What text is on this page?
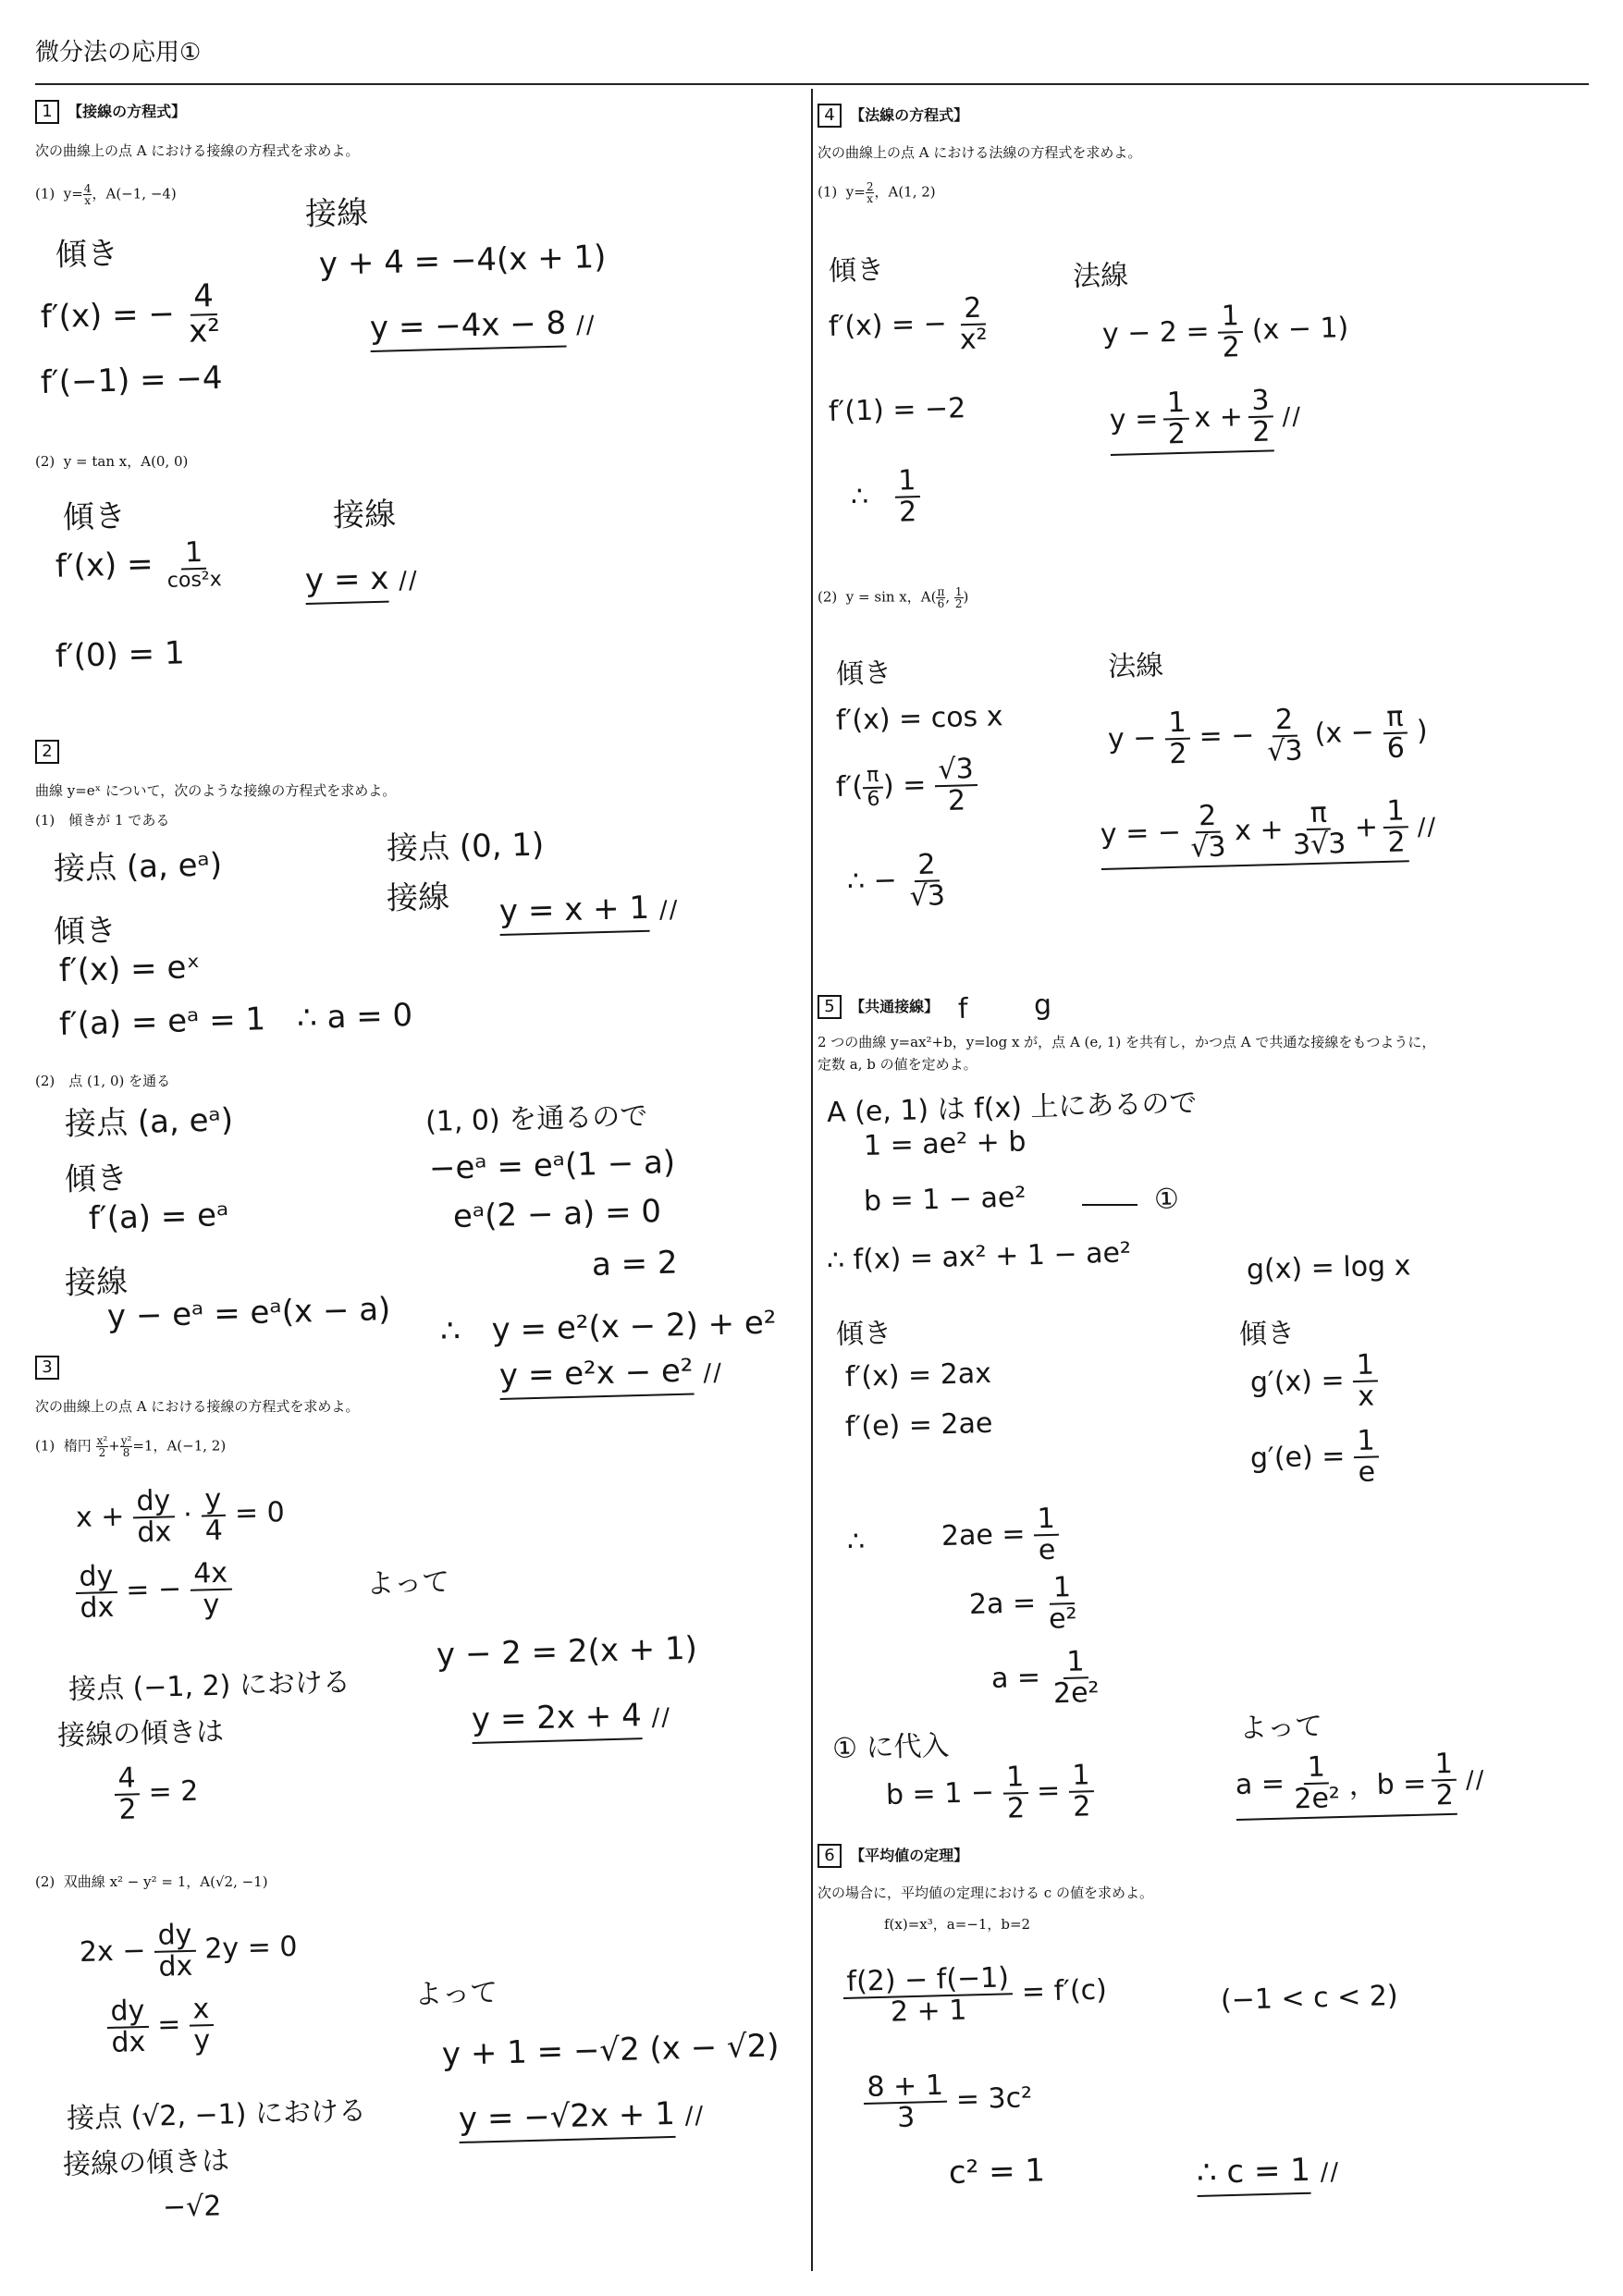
微分法の応用①
1 【接線の方程式】
次の曲線上の点 A における接線の方程式を求めよ。
(1) $y= \frac{4}{x}$ ，A(−1, −4)
傾き
f′(x) = − $\frac{4}{\text{x²}}$
f′(−1) = −4
接線
y + 4 = −4(x + 1)
y = −4x − 8 //
(2) y = tan x，A(0, 0)
傾き
$f'(x) = \frac{1}{\text{cos²x}}$
f′(0) = 1
接線
y = x //
2
曲線 y=eˣ について，次のような接線の方程式を求めよ。
(1)　傾きが 1 である
接点 (a, eᵃ)
傾き
f′(x) = eˣ
f′(a) = eᵃ = 1　∴ a = 0
接点 (0, 1)
接線 y = x + 1 //
(2)　点 (1, 0) を通る
接点 (a, eᵃ)
傾き
f′(a) = eᵃ
接線
y − eᵃ = eᵃ(x − a)
(1, 0) を通るので
−eᵃ = eᵃ(1 − a)
eᵃ(2 − a) = 0
a = 2
∴　y = e²(x − 2) + e²
y = e²x − e² //
3
次の曲線上の点 A における接線の方程式を求めよ。
(1) 楕円 $\frac{\text{x²}}{2} + \frac{\text{y²}}{8} =1$，A(−1, 2)
$x + \frac{dy}{dx}$
·
$\frac{y}{4} = 0$
$\frac{dy}{dx}$ = − $\frac{4x}{y}$
接点 (−1, 2) における
接線の傾きは
$\frac{4}{2} = 2$
よって
y − 2 = 2(x + 1)
y = 2x + 4 //
(2) 双曲線 x² − y² = 1，A(√2, −1)
$2x - \frac{dy}{dx} 2y = 0$
$\frac{dy}{dx} = \frac{x}{y}$
接点 (√2, −1) における
接線の傾きは
−√2
よって
y + 1 = −√2 (x − √2)
y = −√2x + 1 //
4 【法線の方程式】
次の曲線上の点 A における法線の方程式を求めよ。
(1) $y= \frac{2}{x}$ ，A(1, 2)
傾き
f′(x) = − $\frac{2}{\text{x²}}$
f′(1) = −2
∴ $\frac{1}{2}$
法線
$y - 2 = \frac{1}{2} (x - 1)$
$y = \frac{1}{2}$ $x + \frac{3}{2}$ //
(2) y = sin x，$A( \frac{\pi}{6}$ , $\frac{1}{2}$ )
傾き
f′(x) = cos x
f′(
$\frac{\pi}{6}$
) = $\frac{√3}{2}$
∴ − $\frac{2}{√3}$
法線
$y - \frac{1}{2}$ = − $\frac{2}{√3} (x - \frac{\pi}{6}$ )
y = − $\frac{2}{√3}$ $x + \frac{\pi}{3√3} + \frac{1}{2}$ //
5 【共通接線】 f g
2 つの曲線 y=ax²+b，y=log x が，点 A (e, 1) を共有し，かつ点 A で共通な接線をもつように，
定数 a, b の値を定めよ。
A (e, 1) は f(x) 上にあるので
1 = ae² + b
b = 1 − ae²	①
∴ f(x) = ax² + 1 − ae²	g(x) = log x
傾き
f′(x) = 2ax
f′(e) = 2ae
傾き
$g'(x) = \frac{1}{x}$
$g'(e) = \frac{1}{e}$
∴	$2ae = \frac{1}{e}$
$2a = \frac{1}{\text{e²}}$
$a = \frac{1}{\text{2e²}}$
① に代入
$b = 1 - \frac{1}{2} = \frac{1}{2}$
よって
$a = \frac{1}{\text{2e²}}$ ，$b = \frac{1}{2}$ //
6 【平均値の定理】
次の場合に，平均値の定理における c の値を求めよ。
f(x)=x³，a=−1，b=2
$\frac{f(2) - f(-1)}{2 + 1} = f'(c)$	(−1 < c < 2)
$\frac{8 + 1}{3} = 3c^2$
c² = 1	∴ c = 1 //
